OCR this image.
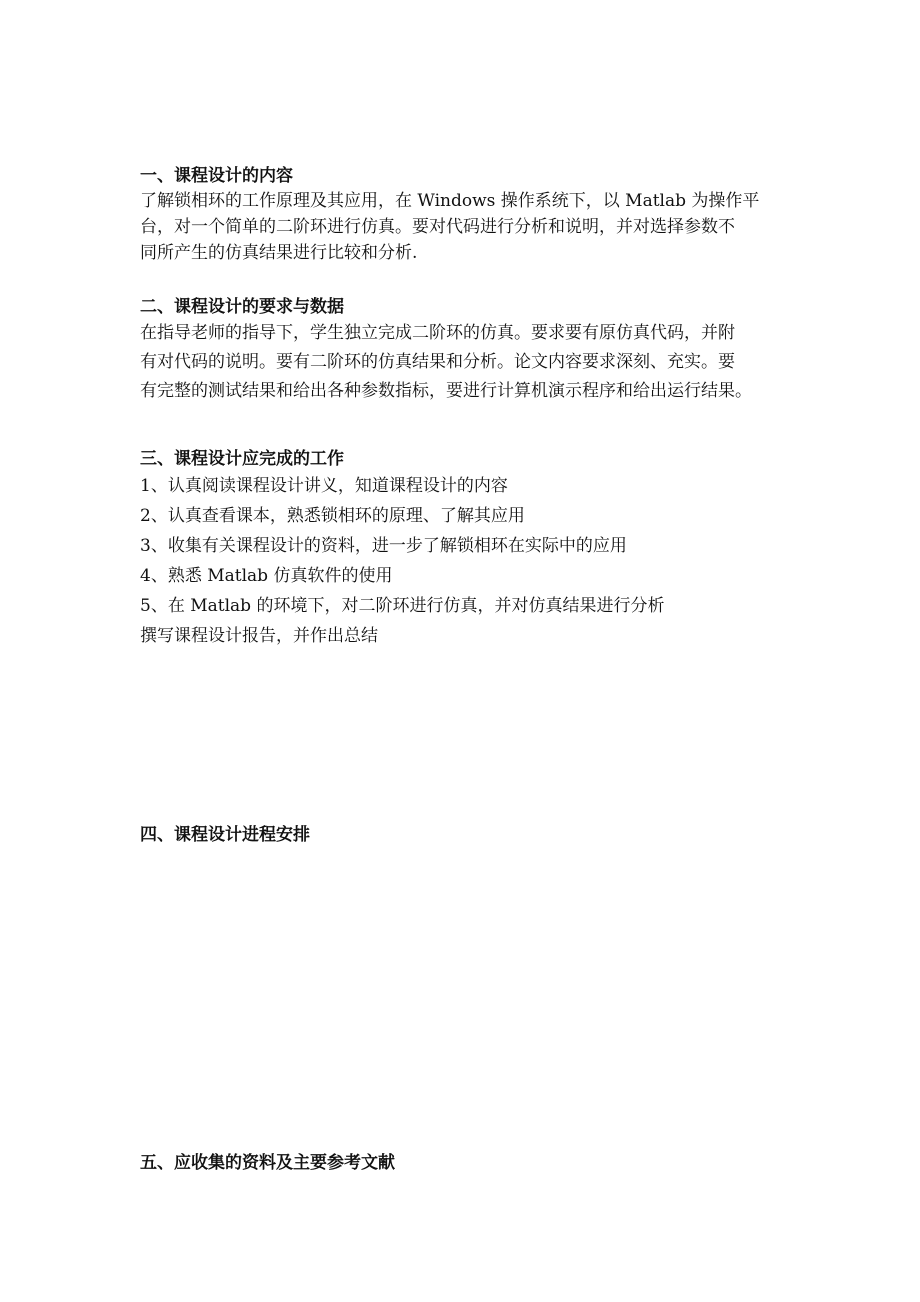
一、课程设计的内容
了解锁相环的工作原理及其应用，在 Windows 操作系统下，以 Matlab 为操作平
台，对一个简单的二阶环进行仿真。要对代码进行分析和说明，并对选择参数不
同所产生的仿真结果进行比较和分析.
二、课程设计的要求与数据
在指导老师的指导下，学生独立完成二阶环的仿真。要求要有原仿真代码，并附
有对代码的说明。要有二阶环的仿真结果和分析。论文内容要求深刻、充实。要
有完整的测试结果和给出各种参数指标，要进行计算机演示程序和给出运行结果。
三、课程设计应完成的工作
1、认真阅读课程设计讲义，知道课程设计的内容
2、认真查看课本，熟悉锁相环的原理、了解其应用
3、收集有关课程设计的资料，进一步了解锁相环在实际中的应用
4、熟悉 Matlab 仿真软件的使用
5、在 Matlab 的环境下，对二阶环进行仿真，并对仿真结果进行分析
撰写课程设计报告，并作出总结
四、课程设计进程安排
五、应收集的资料及主要参考文献
